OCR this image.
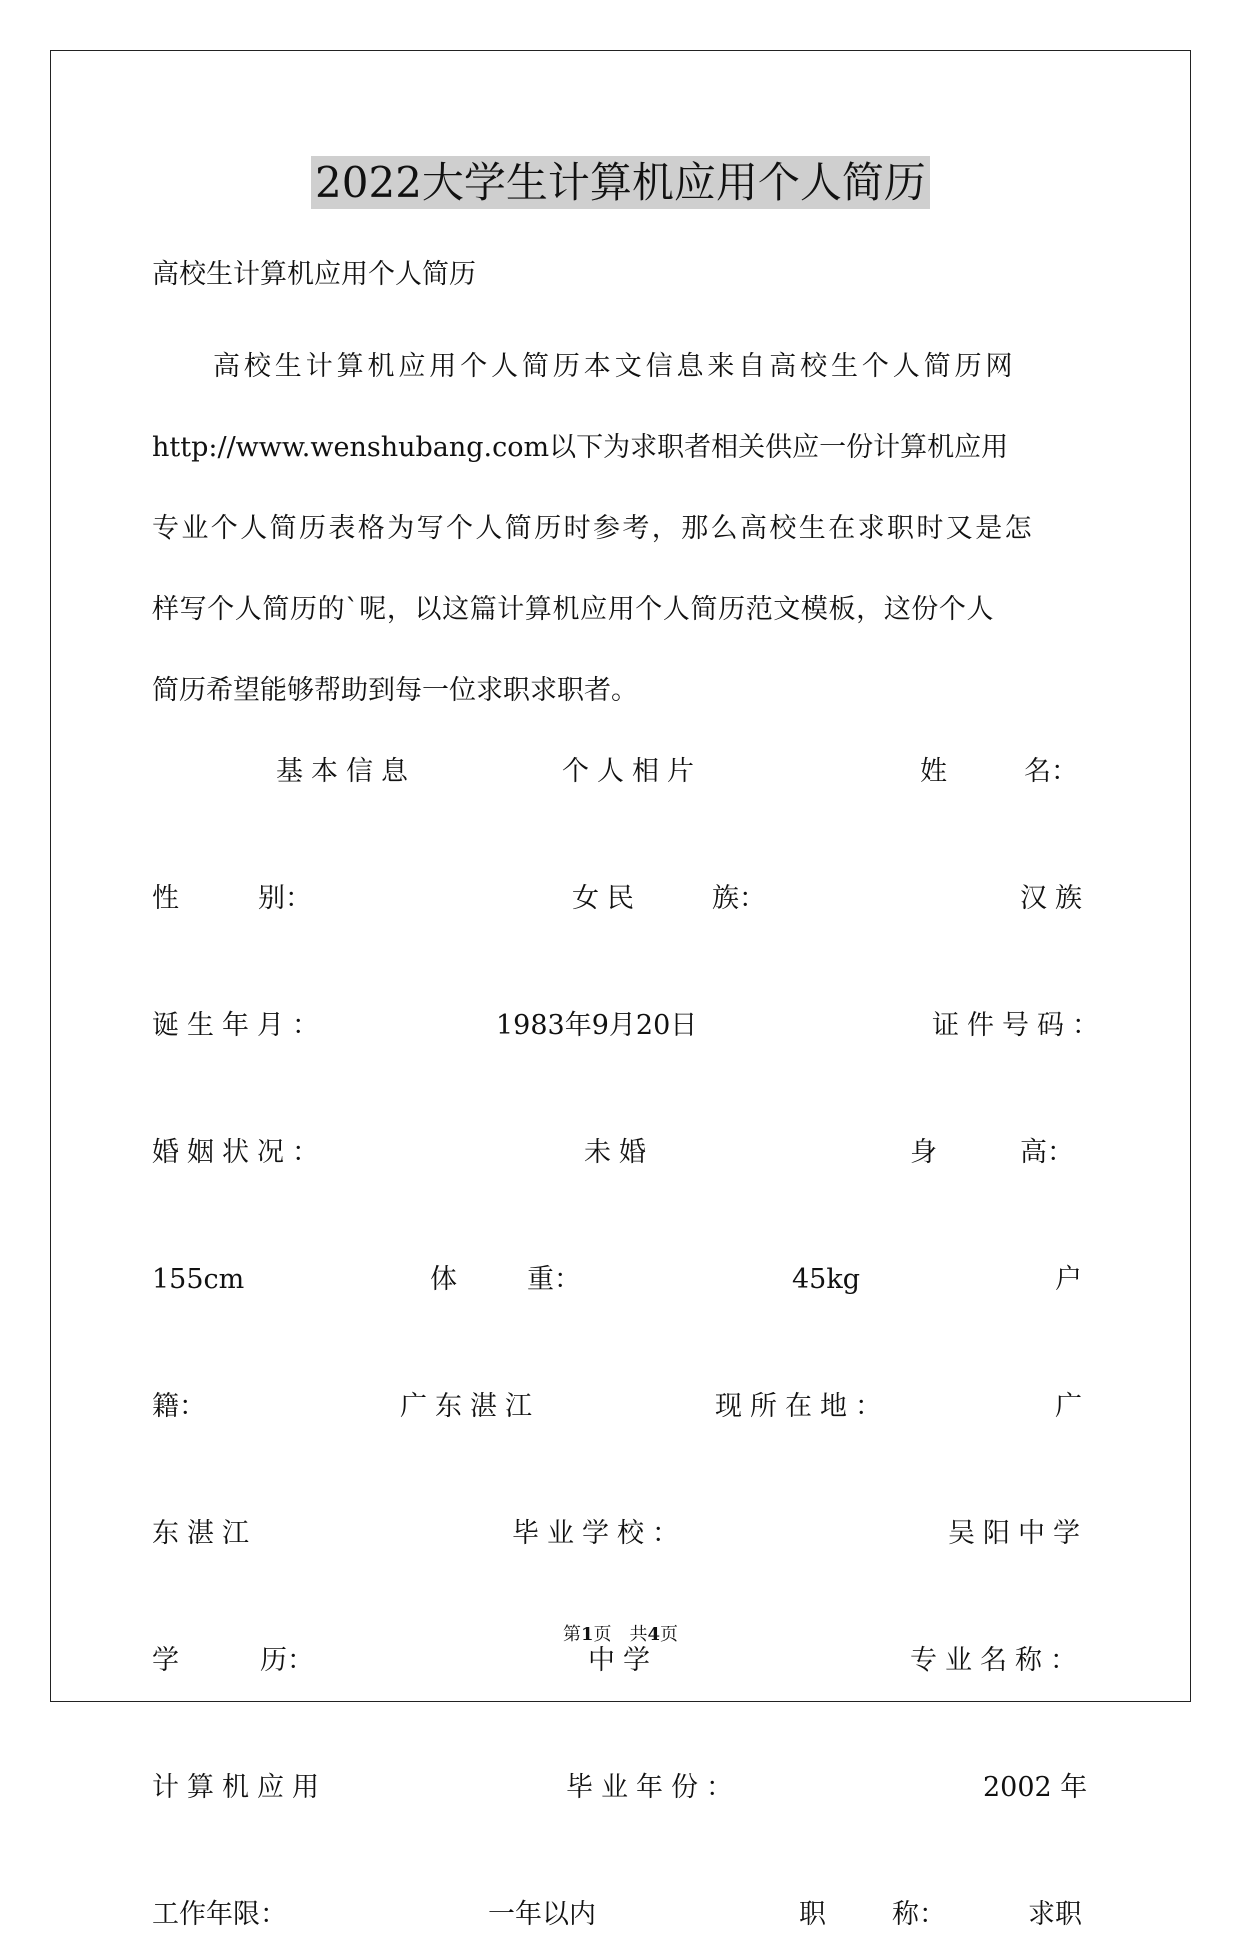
2022大学生计算机应用个人简历
高校生计算机应用个人简历
高校生计算机应用个人简历本文信息来自高校生个人简历网
http://www.wenshubang.com以下为求职者相关供应一份计算机应用
专业个人简历表格为写个人简历时参考，那么高校生在求职时又是怎
样写个人简历的`呢，以这篇计算机应用个人简历范文模板，这份个人
简历希望能够帮助到每一位求职求职者。
基本信息	个人相片	姓	名：
性	别：	女民	族：	汉族
诞生年月：	1983年9月20日	证件号码：
婚姻状况：	未婚	身	高：
155cm	体	重：	45kg	户
籍：	广东湛江	现所在地：	广
东湛江	毕业学校：	吴阳中学
学	历：	中学	专业名称：
计算机应用	毕业年份：	2002 年
工作年限：	一年以内	职 称：	求职
第1页　共4页
